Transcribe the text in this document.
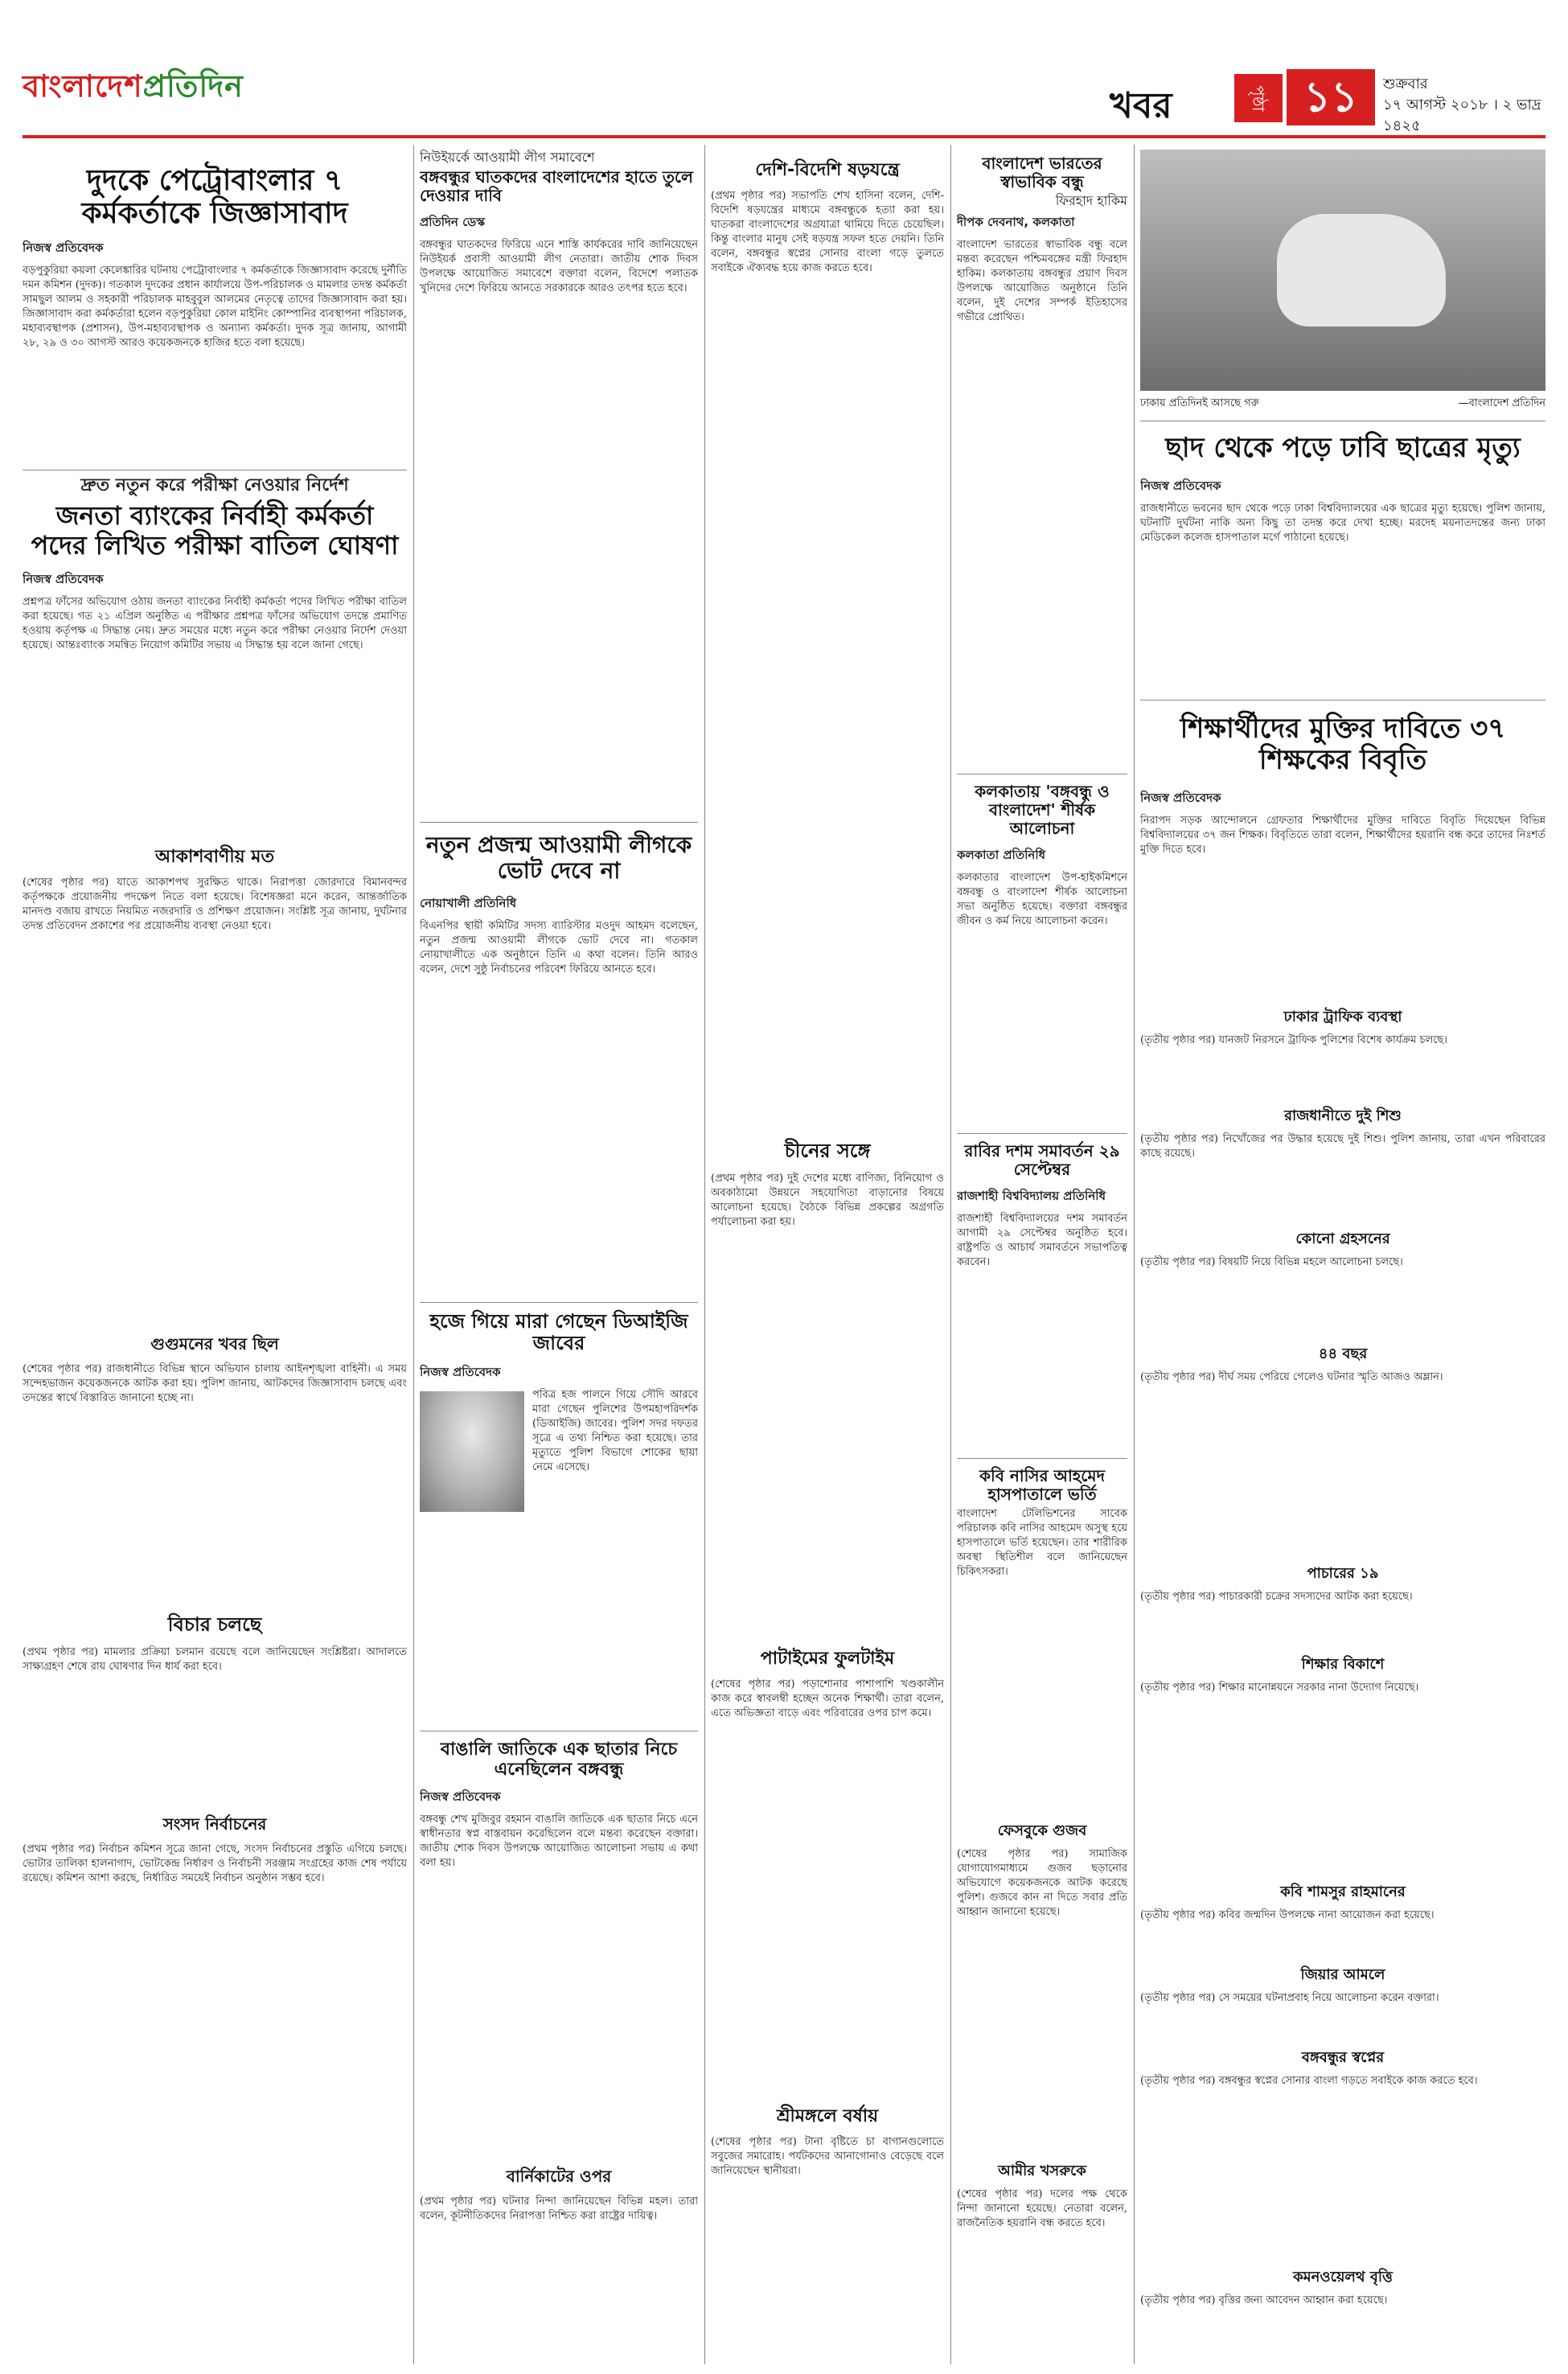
বাংলাদেশপ্রতিদিন	খবর	পৃষ্ঠা ১১	শুক্রবার
১৭ আগস্ট ২০১৮ । ২ ভাদ্র ১৪২৫
দুদকে পেট্রোবাংলার ৭ কর্মকর্তাকে জিজ্ঞাসাবাদ
নিজস্ব প্রতিবেদক
বড়পুকুরিয়া কয়লা কেলেঙ্কারির ঘটনায় পেট্রোবাংলার ৭ কর্মকর্তাকে জিজ্ঞাসাবাদ করেছে দুর্নীতি দমন কমিশন (দুদক)। গতকাল দুদকের প্রধান কার্যালয়ে উপ-পরিচালক ও মামলার তদন্ত কর্মকর্তা সামছুল আলম ও সহকারী পরিচালক মাহবুবুল আলমের নেতৃত্বে তাদের জিজ্ঞাসাবাদ করা হয়। জিজ্ঞাসাবাদ করা কর্মকর্তারা হলেন বড়পুকুরিয়া কোল মাইনিং কোম্পানির ব্যবস্থাপনা পরিচালক, মহাব্যবস্থাপক (প্রশাসন), উপ-মহাব্যবস্থাপক ও অন্যান্য কর্মকর্তা। দুদক সূত্র জানায়, আগামী ২৮, ২৯ ও ৩০ আগস্ট আরও কয়েকজনকে হাজির হতে বলা হয়েছে।
দ্রুত নতুন করে পরীক্ষা নেওয়ার নির্দেশ
জনতা ব্যাংকের নির্বাহী কর্মকর্তা পদের লিখিত পরীক্ষা বাতিল ঘোষণা
নিজস্ব প্রতিবেদক
প্রশ্নপত্র ফাঁসের অভিযোগ ওঠায় জনতা ব্যাংকের নির্বাহী কর্মকর্তা পদের লিখিত পরীক্ষা বাতিল করা হয়েছে। গত ২১ এপ্রিল অনুষ্ঠিত এ পরীক্ষার প্রশ্নপত্র ফাঁসের অভিযোগ তদন্তে প্রমাণিত হওয়ায় কর্তৃপক্ষ এ সিদ্ধান্ত নেয়। দ্রুত সময়ের মধ্যে নতুন করে পরীক্ষা নেওয়ার নির্দেশ দেওয়া হয়েছে। আন্তঃব্যাংক সমন্বিত নিয়োগ কমিটির সভায় এ সিদ্ধান্ত হয় বলে জানা গেছে।
আকাশবাণীয় মত
(শেষের পৃষ্ঠার পর) যাতে আকাশপথ সুরক্ষিত থাকে। নিরাপত্তা জোরদারে বিমানবন্দর কর্তৃপক্ষকে প্রয়োজনীয় পদক্ষেপ নিতে বলা হয়েছে। বিশেষজ্ঞরা মনে করেন, আন্তর্জাতিক মানদণ্ড বজায় রাখতে নিয়মিত নজরদারি ও প্রশিক্ষণ প্রয়োজন। সংশ্লিষ্ট সূত্র জানায়, দুর্ঘটনার তদন্ত প্রতিবেদন প্রকাশের পর প্রয়োজনীয় ব্যবস্থা নেওয়া হবে।
গুগুমনের খবর ছিল
(শেষের পৃষ্ঠার পর) রাজধানীতে বিভিন্ন স্থানে অভিযান চালায় আইনশৃঙ্খলা বাহিনী। এ সময় সন্দেহভাজন কয়েকজনকে আটক করা হয়। পুলিশ জানায়, আটকদের জিজ্ঞাসাবাদ চলছে এবং তদন্তের স্বার্থে বিস্তারিত জানানো হচ্ছে না।
বিচার চলছে
(প্রথম পৃষ্ঠার পর) মামলার প্রক্রিয়া চলমান রয়েছে বলে জানিয়েছেন সংশ্লিষ্টরা। আদালতে সাক্ষ্যগ্রহণ শেষে রায় ঘোষণার দিন ধার্য করা হবে।
সংসদ নির্বাচনের
(প্রথম পৃষ্ঠার পর) নির্বাচন কমিশন সূত্রে জানা গেছে, সংসদ নির্বাচনের প্রস্তুতি এগিয়ে চলছে। ভোটার তালিকা হালনাগাদ, ভোটকেন্দ্র নির্ধারণ ও নির্বাচনী সরঞ্জাম সংগ্রহের কাজ শেষ পর্যায়ে রয়েছে। কমিশন আশা করছে, নির্ধারিত সময়েই নির্বাচন অনুষ্ঠান সম্ভব হবে।
নিউইয়র্কে আওয়ামী লীগ সমাবেশে
বঙ্গবন্ধুর ঘাতকদের বাংলাদেশের হাতে তুলে দেওয়ার দাবি
প্রতিদিন ডেস্ক
বঙ্গবন্ধুর ঘাতকদের ফিরিয়ে এনে শাস্তি কার্যকরের দাবি জানিয়েছেন নিউইয়র্ক প্রবাসী আওয়ামী লীগ নেতারা। জাতীয় শোক দিবস উপলক্ষে আয়োজিত সমাবেশে বক্তারা বলেন, বিদেশে পলাতক খুনিদের দেশে ফিরিয়ে আনতে সরকারকে আরও তৎপর হতে হবে।
নতুন প্রজন্ম আওয়ামী লীগকে ভোট দেবে না
নোয়াখালী প্রতিনিধি
বিএনপির স্থায়ী কমিটির সদস্য ব্যারিস্টার মওদুদ আহমদ বলেছেন, নতুন প্রজন্ম আওয়ামী লীগকে ভোট দেবে না। গতকাল নোয়াখালীতে এক অনুষ্ঠানে তিনি এ কথা বলেন। তিনি আরও বলেন, দেশে সুষ্ঠু নির্বাচনের পরিবেশ ফিরিয়ে আনতে হবে।
হজে গিয়ে মারা গেছেন ডিআইজি জাবের
নিজস্ব প্রতিবেদক
পবিত্র হজ পালনে গিয়ে সৌদি আরবে মারা গেছেন পুলিশের উপমহাপরিদর্শক (ডিআইজি) জাবের। পুলিশ সদর দফতর সূত্রে এ তথ্য নিশ্চিত করা হয়েছে। তার মৃত্যুতে পুলিশ বিভাগে শোকের ছায়া নেমে এসেছে।
বাঙালি জাতিকে এক ছাতার নিচে এনেছিলেন বঙ্গবন্ধু
নিজস্ব প্রতিবেদক
বঙ্গবন্ধু শেখ মুজিবুর রহমান বাঙালি জাতিকে এক ছাতার নিচে এনে স্বাধীনতার স্বপ্ন বাস্তবায়ন করেছিলেন বলে মন্তব্য করেছেন বক্তারা। জাতীয় শোক দিবস উপলক্ষে আয়োজিত আলোচনা সভায় এ কথা বলা হয়।
বার্নিকাটের ওপর
(প্রথম পৃষ্ঠার পর) ঘটনার নিন্দা জানিয়েছেন বিভিন্ন মহল। তারা বলেন, কূটনীতিকদের নিরাপত্তা নিশ্চিত করা রাষ্ট্রের দায়িত্ব।
দেশি-বিদেশি ষড়যন্ত্রে
(প্রথম পৃষ্ঠার পর) সভাপতি শেখ হাসিনা বলেন, দেশি-বিদেশি ষড়যন্ত্রের মাধ্যমে বঙ্গবন্ধুকে হত্যা করা হয়। ঘাতকরা বাংলাদেশের অগ্রযাত্রা থামিয়ে দিতে চেয়েছিল। কিন্তু বাংলার মানুষ সেই ষড়যন্ত্র সফল হতে দেয়নি। তিনি বলেন, বঙ্গবন্ধুর স্বপ্নের সোনার বাংলা গড়ে তুলতে সবাইকে ঐক্যবদ্ধ হয়ে কাজ করতে হবে।
চীনের সঙ্গে
(প্রথম পৃষ্ঠার পর) দুই দেশের মধ্যে বাণিজ্য, বিনিয়োগ ও অবকাঠামো উন্নয়নে সহযোগিতা বাড়ানোর বিষয়ে আলোচনা হয়েছে। বৈঠকে বিভিন্ন প্রকল্পের অগ্রগতি পর্যালোচনা করা হয়।
পাটাইমের ফুলটাইম
(শেষের পৃষ্ঠার পর) পড়াশোনার পাশাপাশি খণ্ডকালীন কাজ করে স্বাবলম্বী হচ্ছেন অনেক শিক্ষার্থী। তারা বলেন, এতে অভিজ্ঞতা বাড়ে এবং পরিবারের ওপর চাপ কমে।
শ্রীমঙ্গলে বর্ষায়
(শেষের পৃষ্ঠার পর) টানা বৃষ্টিতে চা বাগানগুলোতে সবুজের সমারোহ। পর্যটকদের আনাগোনাও বেড়েছে বলে জানিয়েছেন স্থানীয়রা।
বাংলাদেশ ভারতের স্বাভাবিক বন্ধু
ফিরহাদ হাকিম
দীপক দেবনাথ, কলকাতা
বাংলাদেশ ভারতের স্বাভাবিক বন্ধু বলে মন্তব্য করেছেন পশ্চিমবঙ্গের মন্ত্রী ফিরহাদ হাকিম। কলকাতায় বঙ্গবন্ধুর প্রয়াণ দিবস উপলক্ষে আয়োজিত অনুষ্ঠানে তিনি বলেন, দুই দেশের সম্পর্ক ইতিহাসের গভীরে প্রোথিত।
কলকাতায় 'বঙ্গবন্ধু ও বাংলাদেশ' শীর্ষক আলোচনা
কলকাতা প্রতিনিধি
কলকাতার বাংলাদেশ উপ-হাইকমিশনে বঙ্গবন্ধু ও বাংলাদেশ শীর্ষক আলোচনা সভা অনুষ্ঠিত হয়েছে। বক্তারা বঙ্গবন্ধুর জীবন ও কর্ম নিয়ে আলোচনা করেন।
রাবির দশম সমাবর্তন ২৯ সেপ্টেম্বর
রাজশাহী বিশ্ববিদ্যালয় প্রতিনিধি
রাজশাহী বিশ্ববিদ্যালয়ের দশম সমাবর্তন আগামী ২৯ সেপ্টেম্বর অনুষ্ঠিত হবে। রাষ্ট্রপতি ও আচার্য সমাবর্তনে সভাপতিত্ব করবেন।
কবি নাসির আহমেদ হাসপাতালে ভর্তি
বাংলাদেশ টেলিভিশনের সাবেক পরিচালক কবি নাসির আহমেদ অসুস্থ হয়ে হাসপাতালে ভর্তি হয়েছেন। তার শারীরিক অবস্থা স্থিতিশীল বলে জানিয়েছেন চিকিৎসকরা।
ফেসবুকে গুজব
(শেষের পৃষ্ঠার পর) সামাজিক যোগাযোগমাধ্যমে গুজব ছড়ানোর অভিযোগে কয়েকজনকে আটক করেছে পুলিশ। গুজবে কান না দিতে সবার প্রতি আহ্বান জানানো হয়েছে।
আমীর খসরুকে
(শেষের পৃষ্ঠার পর) দলের পক্ষ থেকে নিন্দা জানানো হয়েছে। নেতারা বলেন, রাজনৈতিক হয়রানি বন্ধ করতে হবে।
ঢাকায় প্রতিদিনই আসছে গরু	—বাংলাদেশ প্রতিদিন
ছাদ থেকে পড়ে ঢাবি ছাত্রের মৃত্যু
নিজস্ব প্রতিবেদক
রাজধানীতে ভবনের ছাদ থেকে পড়ে ঢাকা বিশ্ববিদ্যালয়ের এক ছাত্রের মৃত্যু হয়েছে। পুলিশ জানায়, ঘটনাটি দুর্ঘটনা নাকি অন্য কিছু তা তদন্ত করে দেখা হচ্ছে। মরদেহ ময়নাতদন্তের জন্য ঢাকা মেডিকেল কলেজ হাসপাতাল মর্গে পাঠানো হয়েছে।
শিক্ষার্থীদের মুক্তির দাবিতে ৩৭ শিক্ষকের বিবৃতি
নিজস্ব প্রতিবেদক
নিরাপদ সড়ক আন্দোলনে গ্রেফতার শিক্ষার্থীদের মুক্তির দাবিতে বিবৃতি দিয়েছেন বিভিন্ন বিশ্ববিদ্যালয়ের ৩৭ জন শিক্ষক। বিবৃতিতে তারা বলেন, শিক্ষার্থীদের হয়রানি বন্ধ করে তাদের নিঃশর্ত মুক্তি দিতে হবে।
ঢাকার ট্রাফিক ব্যবস্থা
(তৃতীয় পৃষ্ঠার পর) যানজট নিরসনে ট্রাফিক পুলিশের বিশেষ কার্যক্রম চলছে।
রাজধানীতে দুই শিশু
(তৃতীয় পৃষ্ঠার পর) নিখোঁজের পর উদ্ধার হয়েছে দুই শিশু। পুলিশ জানায়, তারা এখন পরিবারের কাছে রয়েছে।
কোনো গ্রহসনের
(তৃতীয় পৃষ্ঠার পর) বিষয়টি নিয়ে বিভিন্ন মহলে আলোচনা চলছে।
৪৪ বছর
(তৃতীয় পৃষ্ঠার পর) দীর্ঘ সময় পেরিয়ে গেলেও ঘটনার স্মৃতি আজও অম্লান।
পাচারের ১৯
(তৃতীয় পৃষ্ঠার পর) পাচারকারী চক্রের সদস্যদের আটক করা হয়েছে।
শিক্ষার বিকাশে
(তৃতীয় পৃষ্ঠার পর) শিক্ষার মানোন্নয়নে সরকার নানা উদ্যোগ নিয়েছে।
কবি শামসুর রাহমানের
(তৃতীয় পৃষ্ঠার পর) কবির জন্মদিন উপলক্ষে নানা আয়োজন করা হয়েছে।
জিয়ার আমলে
(তৃতীয় পৃষ্ঠার পর) সে সময়ের ঘটনাপ্রবাহ নিয়ে আলোচনা করেন বক্তারা।
বঙ্গবন্ধুর স্বপ্নের
(তৃতীয় পৃষ্ঠার পর) বঙ্গবন্ধুর স্বপ্নের সোনার বাংলা গড়তে সবাইকে কাজ করতে হবে।
কমনওয়েলথ বৃত্তি
(তৃতীয় পৃষ্ঠার পর) বৃত্তির জন্য আবেদন আহ্বান করা হয়েছে।
